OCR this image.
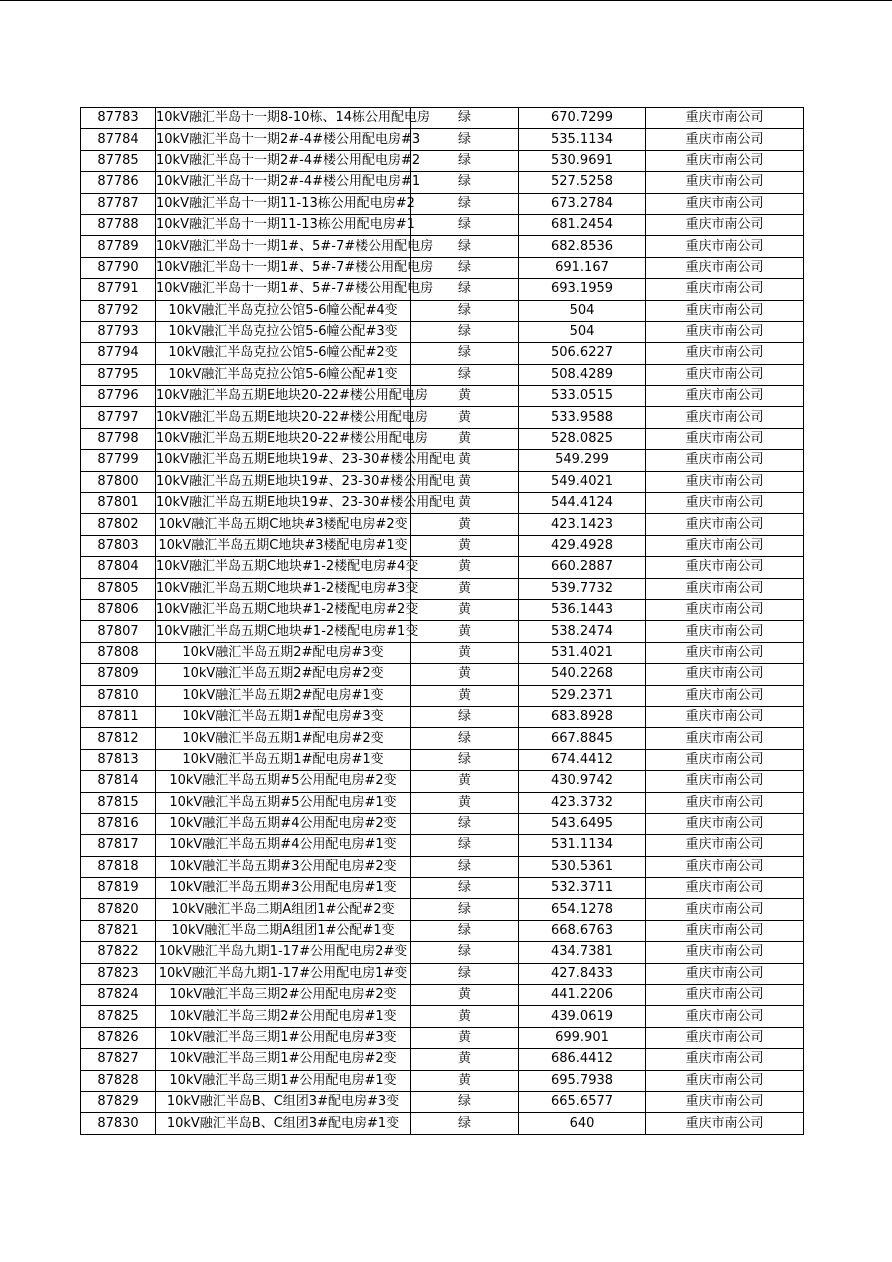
87783	10kV融汇半岛十一期8-10栋、14栋公用配电房	绿	670.7299	重庆市南公司
87784	10kV融汇半岛十一期2#-4#楼公用配电房#3	绿	535.1134	重庆市南公司
87785	10kV融汇半岛十一期2#-4#楼公用配电房#2	绿	530.9691	重庆市南公司
87786	10kV融汇半岛十一期2#-4#楼公用配电房#1	绿	527.5258	重庆市南公司
87787	10kV融汇半岛十一期11-13栋公用配电房#2	绿	673.2784	重庆市南公司
87788	10kV融汇半岛十一期11-13栋公用配电房#1	绿	681.2454	重庆市南公司
87789	10kV融汇半岛十一期1#、5#-7#楼公用配电房	绿	682.8536	重庆市南公司
87790	10kV融汇半岛十一期1#、5#-7#楼公用配电房	绿	691.167	重庆市南公司
87791	10kV融汇半岛十一期1#、5#-7#楼公用配电房	绿	693.1959	重庆市南公司
87792	10kV融汇半岛克拉公馆5-6幢公配#4变	绿	504	重庆市南公司
87793	10kV融汇半岛克拉公馆5-6幢公配#3变	绿	504	重庆市南公司
87794	10kV融汇半岛克拉公馆5-6幢公配#2变	绿	506.6227	重庆市南公司
87795	10kV融汇半岛克拉公馆5-6幢公配#1变	绿	508.4289	重庆市南公司
87796	10kV融汇半岛五期E地块20-22#楼公用配电房	黄	533.0515	重庆市南公司
87797	10kV融汇半岛五期E地块20-22#楼公用配电房	黄	533.9588	重庆市南公司
87798	10kV融汇半岛五期E地块20-22#楼公用配电房	黄	528.0825	重庆市南公司
87799	10kV融汇半岛五期E地块19#、23-30#楼公用配电	黄	549.299	重庆市南公司
87800	10kV融汇半岛五期E地块19#、23-30#楼公用配电	黄	549.4021	重庆市南公司
87801	10kV融汇半岛五期E地块19#、23-30#楼公用配电	黄	544.4124	重庆市南公司
87802	10kV融汇半岛五期C地块#3楼配电房#2变	黄	423.1423	重庆市南公司
87803	10kV融汇半岛五期C地块#3楼配电房#1变	黄	429.4928	重庆市南公司
87804	10kV融汇半岛五期C地块#1-2楼配电房#4变	黄	660.2887	重庆市南公司
87805	10kV融汇半岛五期C地块#1-2楼配电房#3变	黄	539.7732	重庆市南公司
87806	10kV融汇半岛五期C地块#1-2楼配电房#2变	黄	536.1443	重庆市南公司
87807	10kV融汇半岛五期C地块#1-2楼配电房#1变	黄	538.2474	重庆市南公司
87808	10kV融汇半岛五期2#配电房#3变	黄	531.4021	重庆市南公司
87809	10kV融汇半岛五期2#配电房#2变	黄	540.2268	重庆市南公司
87810	10kV融汇半岛五期2#配电房#1变	黄	529.2371	重庆市南公司
87811	10kV融汇半岛五期1#配电房#3变	绿	683.8928	重庆市南公司
87812	10kV融汇半岛五期1#配电房#2变	绿	667.8845	重庆市南公司
87813	10kV融汇半岛五期1#配电房#1变	绿	674.4412	重庆市南公司
87814	10kV融汇半岛五期#5公用配电房#2变	黄	430.9742	重庆市南公司
87815	10kV融汇半岛五期#5公用配电房#1变	黄	423.3732	重庆市南公司
87816	10kV融汇半岛五期#4公用配电房#2变	绿	543.6495	重庆市南公司
87817	10kV融汇半岛五期#4公用配电房#1变	绿	531.1134	重庆市南公司
87818	10kV融汇半岛五期#3公用配电房#2变	绿	530.5361	重庆市南公司
87819	10kV融汇半岛五期#3公用配电房#1变	绿	532.3711	重庆市南公司
87820	10kV融汇半岛二期A组团1#公配#2变	绿	654.1278	重庆市南公司
87821	10kV融汇半岛二期A组团1#公配#1变	绿	668.6763	重庆市南公司
87822	10kV融汇半岛九期1-17#公用配电房2#变	绿	434.7381	重庆市南公司
87823	10kV融汇半岛九期1-17#公用配电房1#变	绿	427.8433	重庆市南公司
87824	10kV融汇半岛三期2#公用配电房#2变	黄	441.2206	重庆市南公司
87825	10kV融汇半岛三期2#公用配电房#1变	黄	439.0619	重庆市南公司
87826	10kV融汇半岛三期1#公用配电房#3变	黄	699.901	重庆市南公司
87827	10kV融汇半岛三期1#公用配电房#2变	黄	686.4412	重庆市南公司
87828	10kV融汇半岛三期1#公用配电房#1变	黄	695.7938	重庆市南公司
87829	10kV融汇半岛B、C组团3#配电房#3变	绿	665.6577	重庆市南公司
87830	10kV融汇半岛B、C组团3#配电房#1变	绿	640	重庆市南公司
